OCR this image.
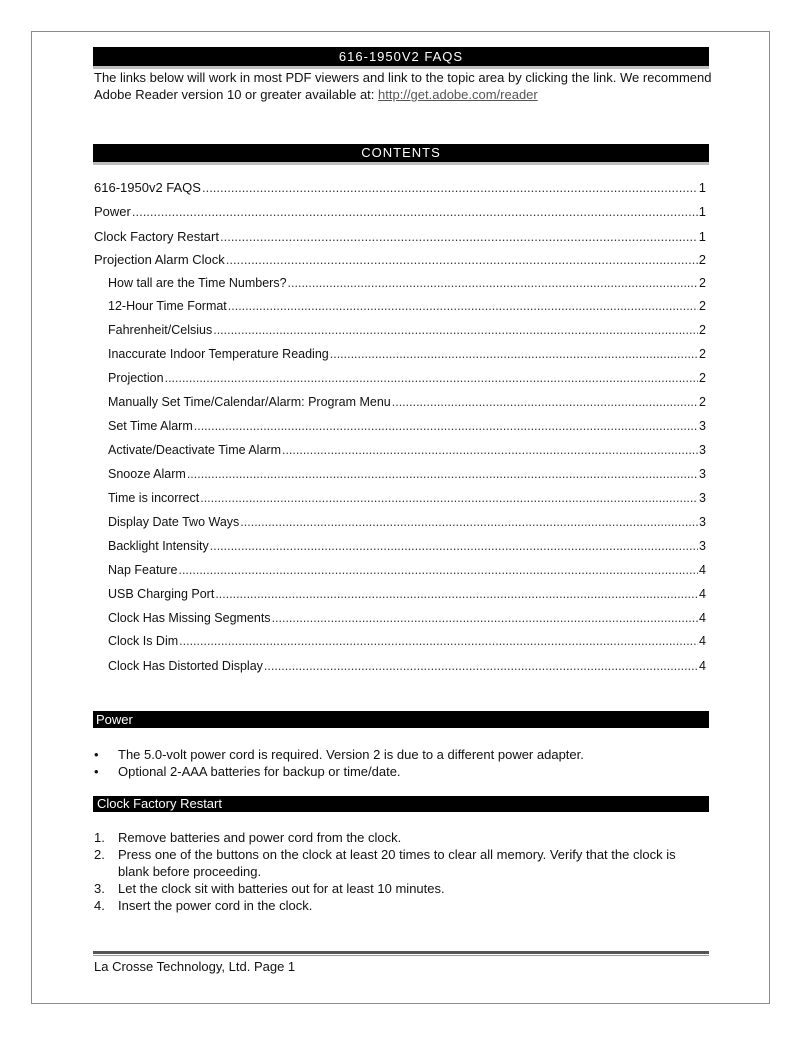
616-1950V2 FAQS
The links below will work in most PDF viewers and link to the topic area by clicking the link. We recommend Adobe Reader version 10 or greater available at: http://get.adobe.com/reader
CONTENTS
616-1950v2 FAQS .....	1
Power .....	1
Clock Factory Restart .....	1
Projection Alarm Clock .....	2
How tall are the Time Numbers? .....	2
12-Hour Time Format .....	2
Fahrenheit/Celsius .....	2
Inaccurate Indoor Temperature Reading .....	2
Projection .....	2
Manually Set Time/Calendar/Alarm: Program Menu .....	2
Set Time Alarm .....	3
Activate/Deactivate Time Alarm .....	3
Snooze Alarm .....	3
Time is incorrect .....	3
Display Date Two Ways .....	3
Backlight Intensity .....	3
Nap Feature .....	4
USB Charging Port .....	4
Clock Has Missing Segments .....	4
Clock Is Dim .....	4
Clock Has Distorted Display .....	4
Power
• The 5.0-volt power cord is required. Version 2 is due to a different power adapter.
• Optional 2-AAA batteries for backup or time/date.
Clock Factory Restart
1. Remove batteries and power cord from the clock.
2. Press one of the buttons on the clock at least 20 times to clear all memory. Verify that the clock is blank before proceeding.
3. Let the clock sit with batteries out for at least 10 minutes.
4. Insert the power cord in the clock.
La Crosse Technology, Ltd. Page 1
